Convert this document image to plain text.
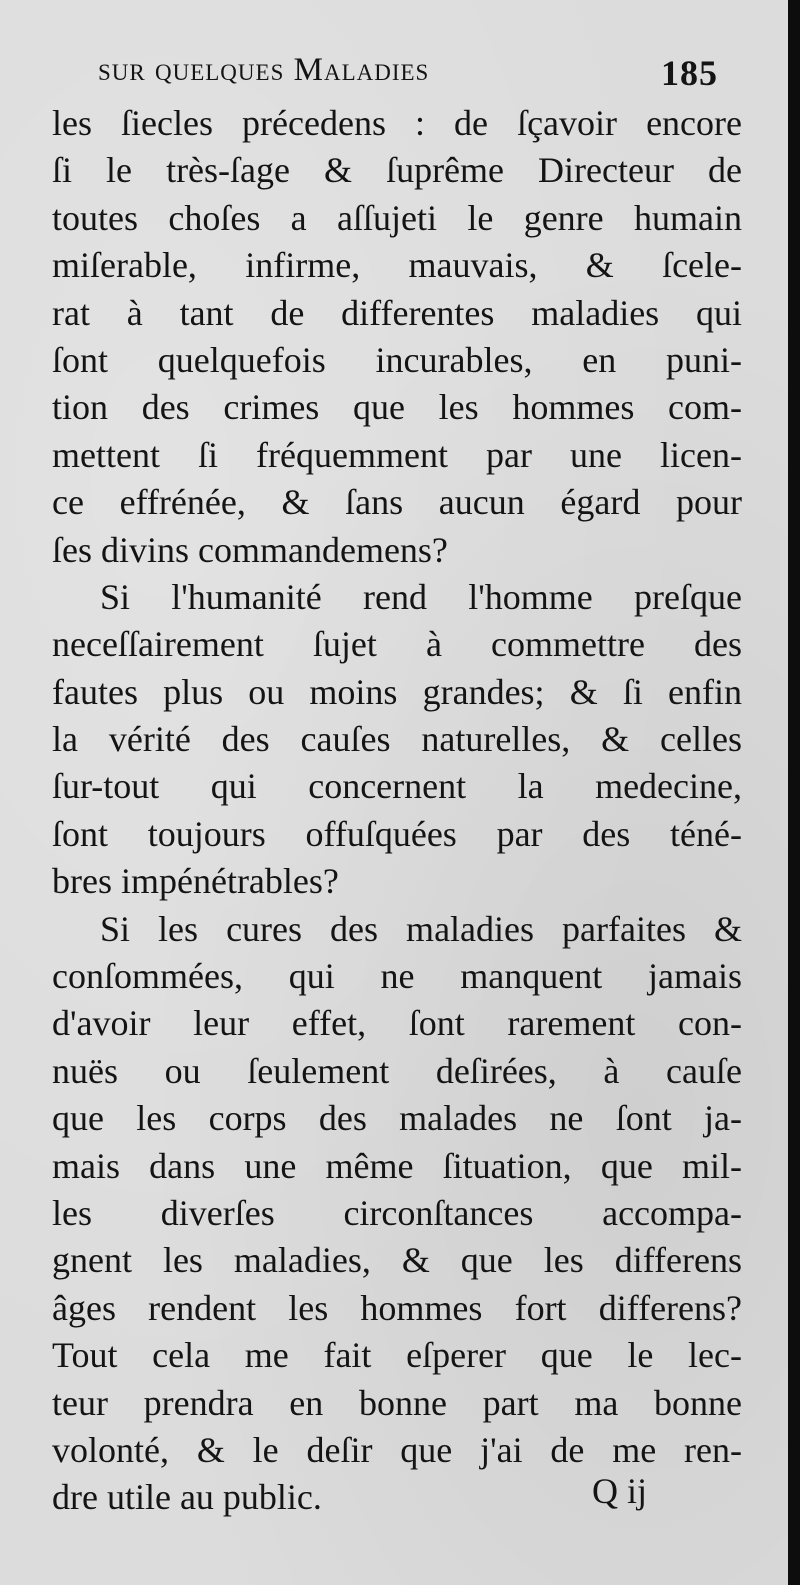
sur quelques Maladies	185
les ſiecles précedens : de ſçavoir encore
ſi le très-ſage & ſuprême Directeur de
toutes choſes a aſſujeti le genre humain
miſerable, infirme, mauvais, & ſcele-
rat à tant de differentes maladies qui
ſont quelquefois incurables, en puni-
tion des crimes que les hommes com-
mettent ſi fréquemment par une licen-
ce effrénée, & ſans aucun égard pour
ſes divins commandemens?
Si l'humanité rend l'homme preſque
neceſſairement ſujet à commettre des
fautes plus ou moins grandes; & ſi enfin
la vérité des cauſes naturelles, & celles
ſur-tout qui concernent la medecine,
ſont toujours offuſquées par des téné-
bres impénétrables?
Si les cures des maladies parfaites &
conſommées, qui ne manquent jamais
d'avoir leur effet, ſont rarement con-
nuës ou ſeulement deſirées, à cauſe
que les corps des malades ne ſont ja-
mais dans une même ſituation, que mil-
les diverſes circonſtances accompa-
gnent les maladies, & que les differens
âges rendent les hommes fort differens?
Tout cela me fait eſperer que le lec-
teur prendra en bonne part ma bonne
volonté, & le deſir que j'ai de me ren-
dre utile au public.	Q ij
